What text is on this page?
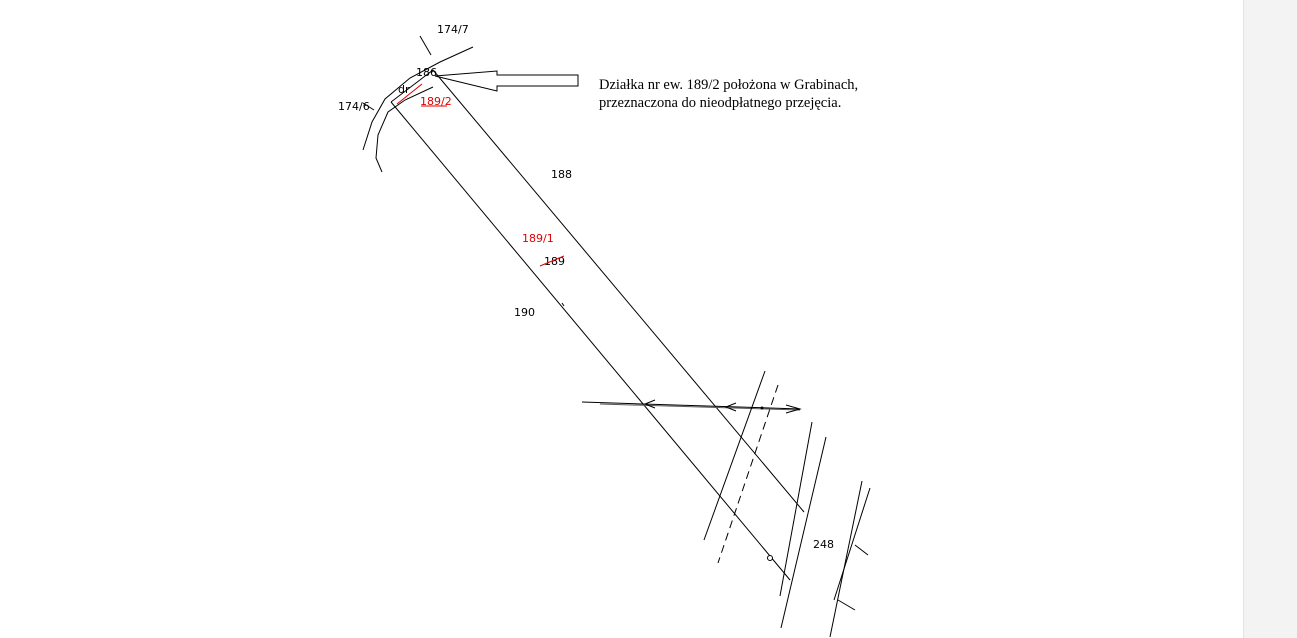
174/7
174/6
186
dr
189/2
188
189/1
189
190
248
Działka nr ew. 189/2 położona w Grabinach,
przeznaczona do nieodpłatnego przejęcia.
